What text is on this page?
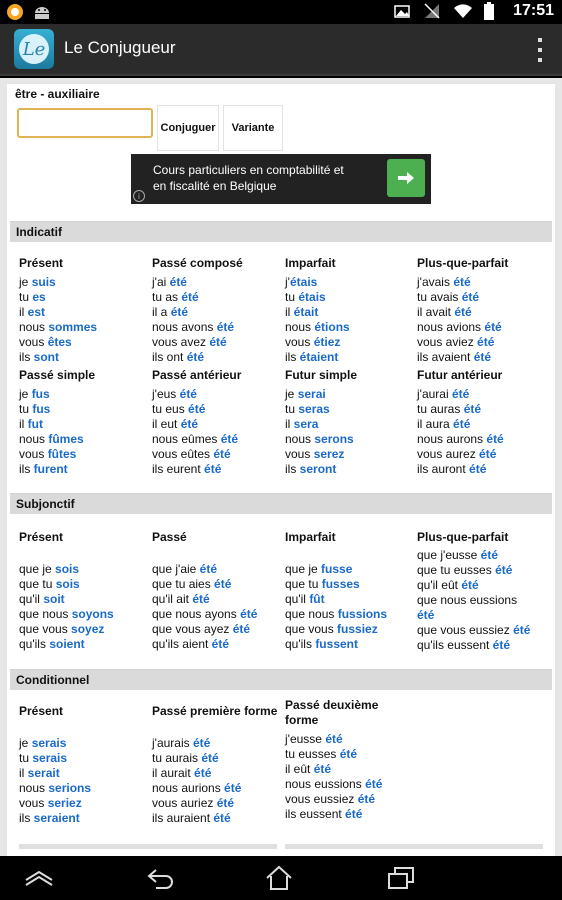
17:51
Le Le Conjugueur
être - auxiliaire
Conjuguer	Variante
Cours particuliers en comptabilité et
en fiscalité en Belgique
i
Indicatif
Présent
je suis
tu es
il est
nous sommes
vous êtes
ils sont
Passé composé
j'ai été
tu as été
il a été
nous avons été
vous avez été
ils ont été
Imparfait
j'étais
tu étais
il était
nous étions
vous étiez
ils étaient
Plus-que-parfait
j'avais été
tu avais été
il avait été
nous avions été
vous aviez été
ils avaient été
Passé simple
je fus
tu fus
il fut
nous fûmes
vous fûtes
ils furent
Passé antérieur
j'eus été
tu eus été
il eut été
nous eûmes été
vous eûtes été
ils eurent été
Futur simple
je serai
tu seras
il sera
nous serons
vous serez
ils seront
Futur antérieur
j'aurai été
tu auras été
il aura été
nous aurons été
vous aurez été
ils auront été
Subjonctif
Présent
que je sois
que tu sois
qu'il soit
que nous soyons
que vous soyez
qu'ils soient
Passé
que j'aie été
que tu aies été
qu'il ait été
que nous ayons été
que vous ayez été
qu'ils aient été
Imparfait
que je fusse
que tu fusses
qu'il fût
que nous fussions
que vous fussiez
qu'ils fussent
Plus-que-parfait
que j'eusse été
que tu eusses été
qu'il eût été
que nous eussions
été
que vous eussiez été
qu'ils eussent été
Conditionnel
Présent
je serais
tu serais
il serait
nous serions
vous seriez
ils seraient
Passé première forme
j'aurais été
tu aurais été
il aurait été
nous aurions été
vous auriez été
ils auraient été
Passé deuxième forme
j'eusse été
tu eusses été
il eût été
nous eussions été
vous eussiez été
ils eussent été
